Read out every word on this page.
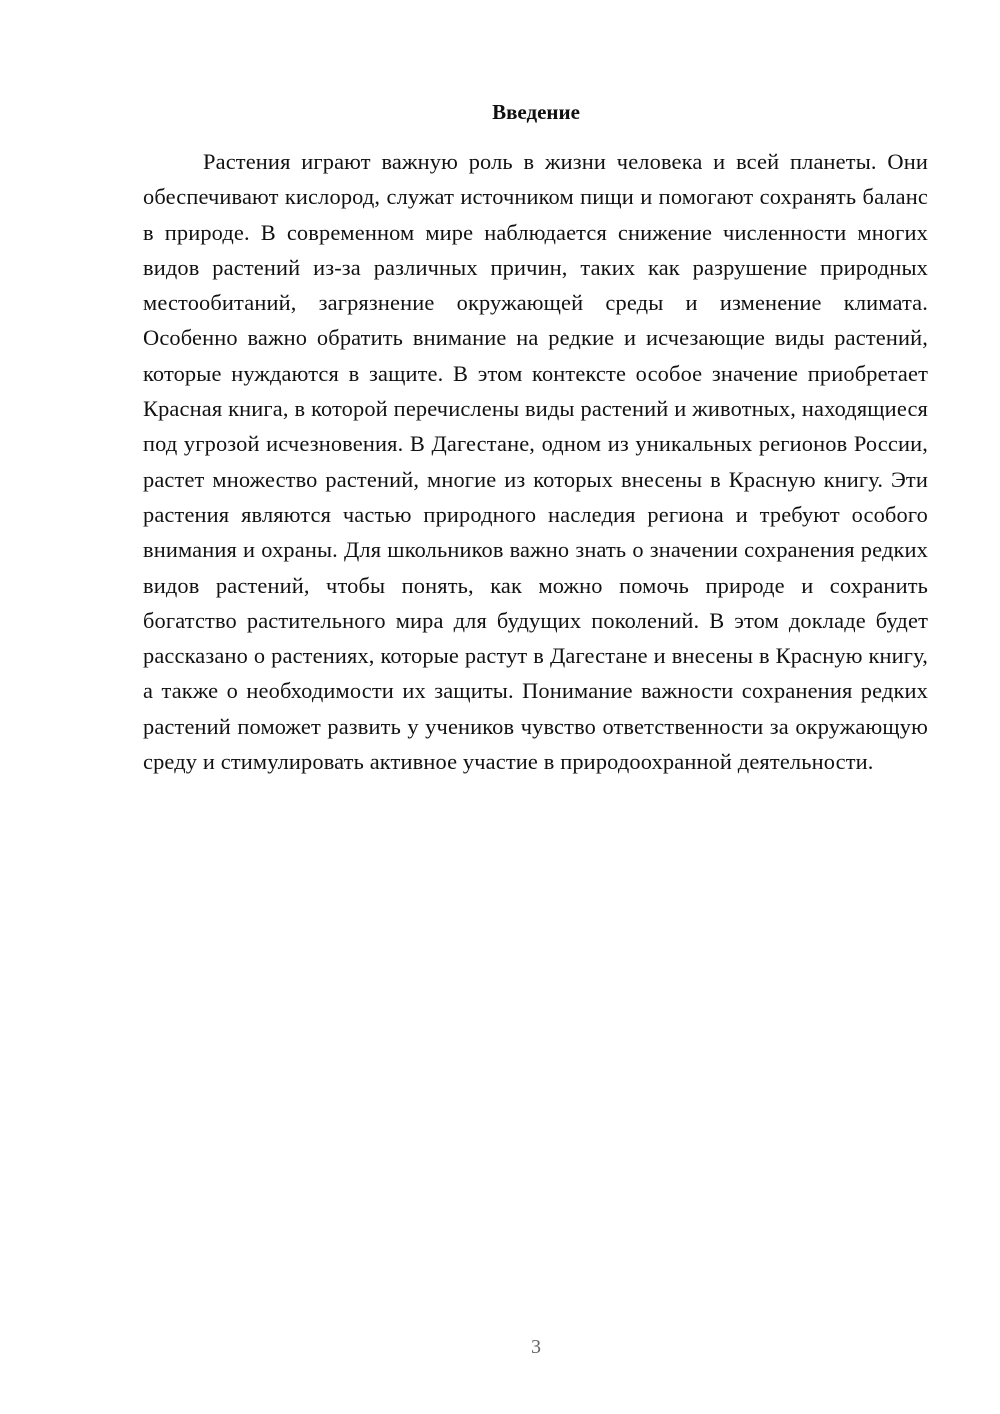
Введение

Растения играют важную роль в жизни человека и всей планеты. Они обеспечивают кислород, служат источником пищи и помогают сохранять баланс в природе. В современном мире наблюдается снижение численности многих видов растений из-за различных причин, таких как разрушение природных местообитаний, загрязнение окружающей среды и изменение климата. Особенно важно обратить внимание на редкие и исчезающие виды растений, которые нуждаются в защите. В этом контексте особое значение приобретает Красная книга, в которой перечислены виды растений и животных, находящиеся под угрозой исчезновения. В Дагестане, одном из уникальных регионов России, растет множество растений, многие из которых внесены в Красную книгу. Эти растения являются частью природного наследия региона и требуют особого внимания и охраны. Для школьников важно знать о значении сохранения редких видов растений, чтобы понять, как можно помочь природе и сохранить богатство растительного мира для будущих поколений. В этом докладе будет рассказано о растениях, которые растут в Дагестане и внесены в Красную книгу, а также о необходимости их защиты. Понимание важности сохранения редких растений поможет развить у учеников чувство ответственности за окружающую среду и стимулировать активное участие в природоохранной деятельности.

3
